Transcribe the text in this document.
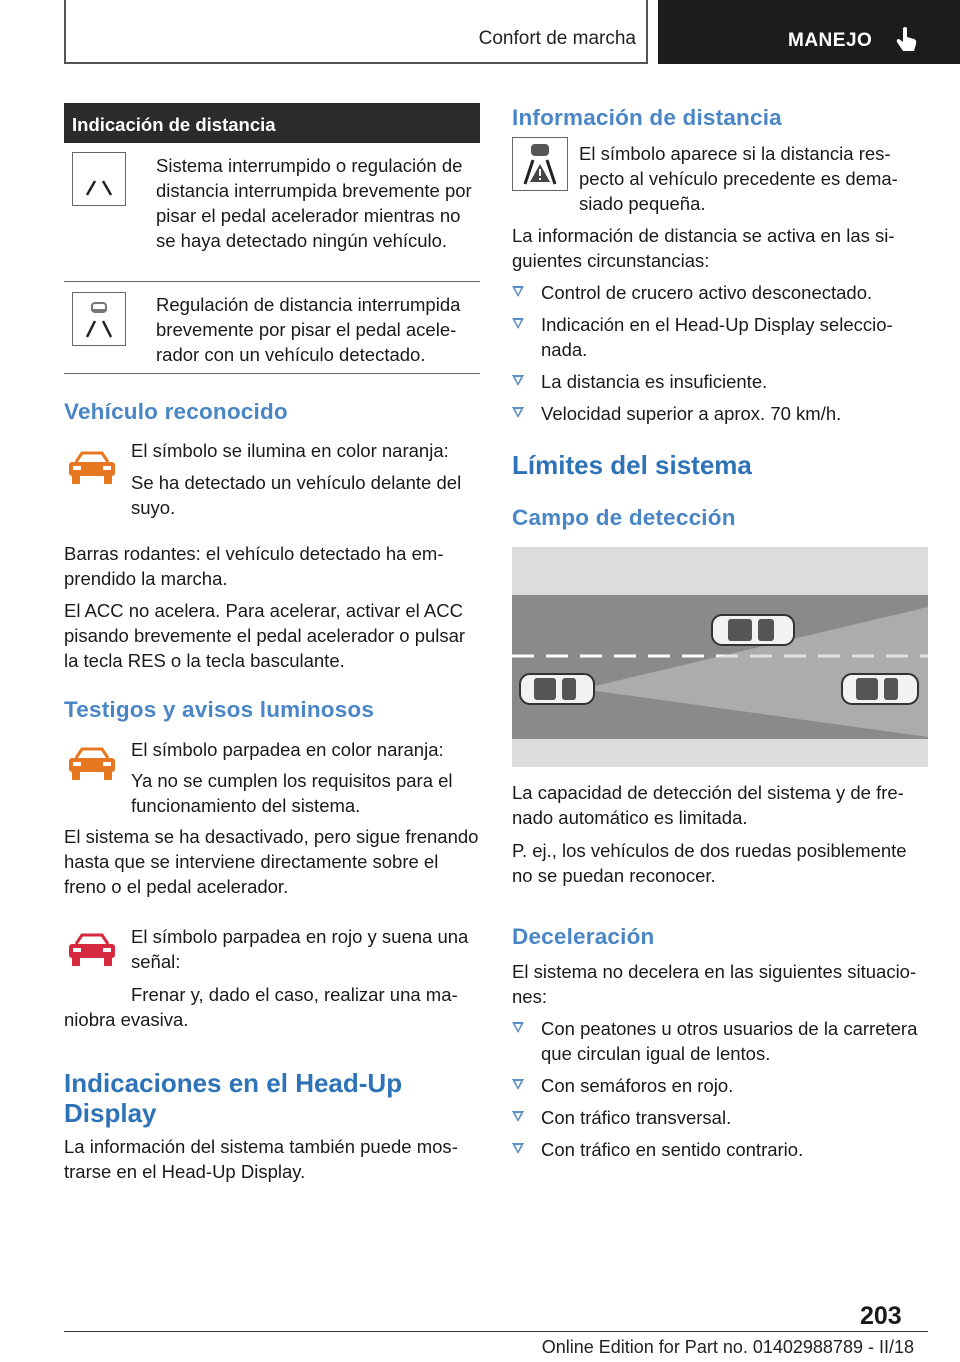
Confort de marcha	MANEJO
Indicación de distancia

Sistema interrumpido o regulación de distancia interrumpida brevemente por pisar el pedal acelerador mientras no se haya detectado ningún vehículo.

Regulación de distancia interrumpida brevemente por pisar el pedal acelerador con un vehículo detectado.

Vehículo reconocido

El símbolo se ilumina en color naranja:

Se ha detectado un vehículo delante del suyo.

Barras rodantes: el vehículo detectado ha emprendido la marcha.

El ACC no acelera. Para acelerar, activar el ACC pisando brevemente el pedal acelerador o pulsar la tecla RES o la tecla basculante.

Testigos y avisos luminosos

El símbolo parpadea en color naranja:

Ya no se cumplen los requisitos para el funcionamiento del sistema.

El sistema se ha desactivado, pero sigue frenando hasta que se interviene directamente sobre el freno o el pedal acelerador.

El símbolo parpadea en rojo y suena una señal:

Frenar y, dado el caso, realizar una maniobra evasiva.

Indicaciones en el Head-Up Display

La información del sistema también puede mostrarse en el Head-Up Display.

Información de distancia

El símbolo aparece si la distancia respecto al vehículo precedente es demasiado pequeña.

La información de distancia se activa en las siguientes circunstancias:

Control de crucero activo desconectado.
Indicación en el Head-Up Display seleccionada.
La distancia es insuficiente.
Velocidad superior a aprox. 70 km/h.
Límites del sistema
Campo de detección

La capacidad de detección del sistema y de frenado automático es limitada.

P. ej., los vehículos de dos ruedas posiblemente no se puedan reconocer.

Deceleración

El sistema no decelera en las siguientes situaciones:

Con peatones u otros usuarios de la carretera que circulan igual de lentos.
Con semáforos en rojo.
Con tráfico transversal.
Con tráfico en sentido contrario.
203
Online Edition for Part no. 01402988789 - II/18
